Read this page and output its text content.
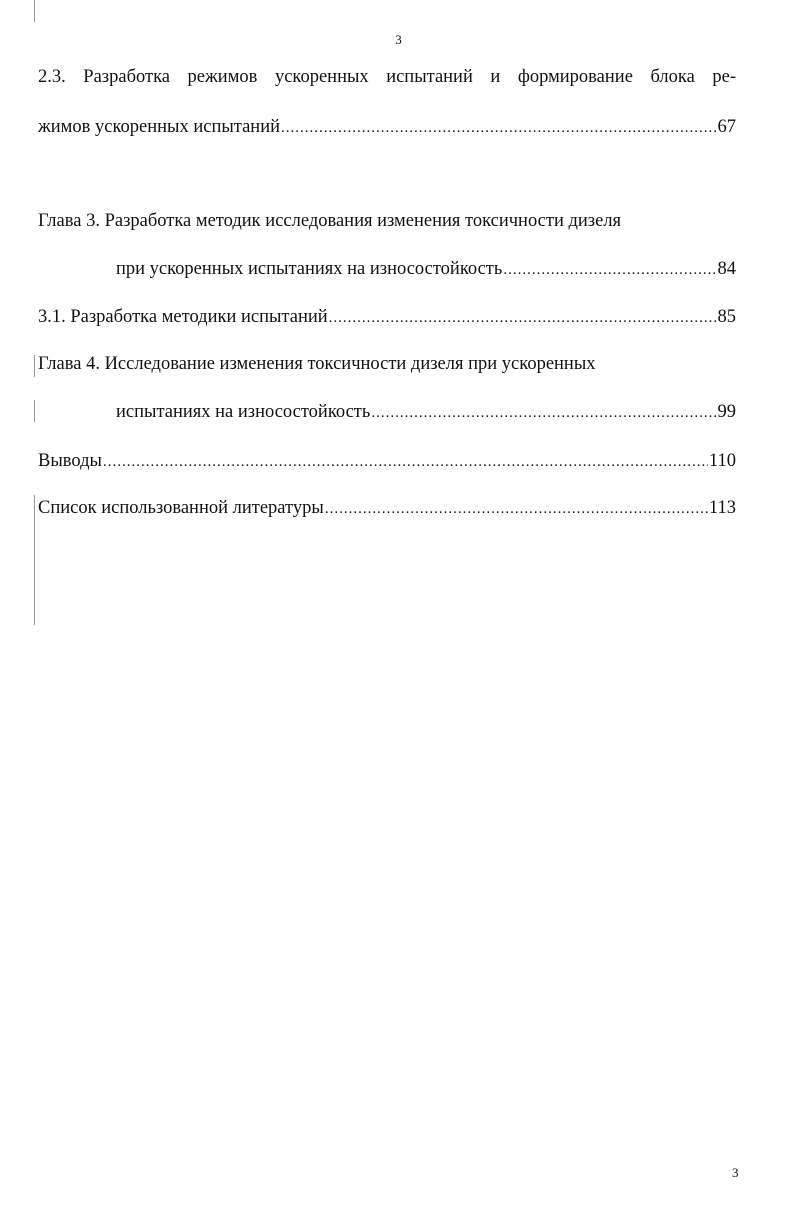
3
2.3. Разработка режимов ускоренных испытаний и формирование блока ре-
жимов ускоренных испытаний .....	67
Глава 3. Разработка методик исследования изменения токсичности дизеля
при ускоренных испытаниях на износостойкость .....	84
3.1. Разработка методики испытаний .....	85
Глава 4. Исследование изменения токсичности дизеля при ускоренных
испытаниях на износостойкость .....	99
Выводы .....	110
Список использованной литературы .....	113
3
